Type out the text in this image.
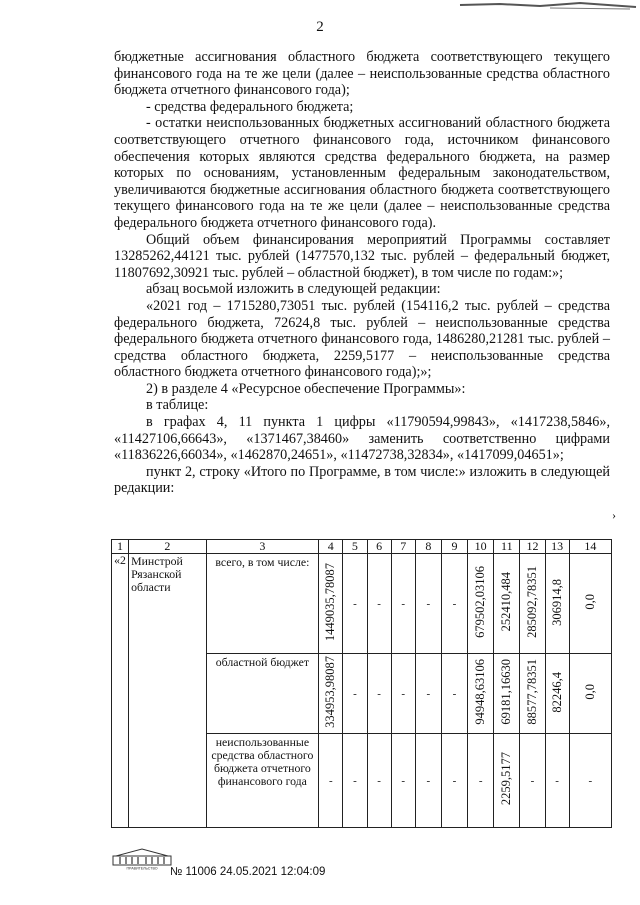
2

бюджетные ассигнования областного бюджета соответствующего текущего финансового года на те же цели (далее – неиспользованные средства областного бюджета отчетного финансового года);

- средства федерального бюджета;

- остатки неиспользованных бюджетных ассигнований областного бюджета соответствующего отчетного финансового года, источником финансового обеспечения которых являются средства федерального бюджета, на размер которых по основаниям, установленным федеральным законодательством, увеличиваются бюджетные ассигнования областного бюджета соответствующего текущего финансового года на те же цели (далее – неиспользованные средства федерального бюджета отчетного финансового года).

Общий объем финансирования мероприятий Программы составляет 13285262,44121 тыс. рублей (1477570,132 тыс. рублей – федеральный бюджет, 11807692,30921 тыс. рублей – областной бюджет), в том числе по годам:»;

абзац восьмой изложить в следующей редакции:

«2021 год – 1715280,73051 тыс. рублей (154116,2 тыс. рублей – средства федерального бюджета, 72624,8 тыс. рублей – неиспользованные средства федерального бюджета отчетного финансового года, 1486280,21281 тыс. рублей – средства областного бюджета, 2259,5177 – неиспользованные средства областного бюджета отчетного финансового года);»;

2) в разделе 4 «Ресурсное обеспечение Программы»:

в таблице:

в графах 4, 11 пункта 1 цифры «11790594,99843», «1417238,5846», «11427106,66643», «1371467,38460» заменить соответственно цифрами «11836226,66034», «1462870,24651», «11472738,32834», «1417099,04651»;

пункт 2, строку «Итого по Программе, в том числе:» изложить в следующей редакции:

›
1	2	3	4	5	6	7	8	9	10	11	12	13	14
«2	Минстрой Рязанской области	всего, в том числе:	1449035,78087	-	-	-	-	-	679502,03106	252410,484	285092,78351	306914,8	0,0
		областной бюджет	334953,98087	-	-	-	-	-	94948,63106	69181,16630	88577,78351	82246,4	0,0
		неиспользованные средства областного бюджета отчетного финансового года	-	-	-	-	-	-	-	2259,5177	-	-	-
ПРАВИТЕЛЬСТВО № 11006 24.05.2021 12:04:09
